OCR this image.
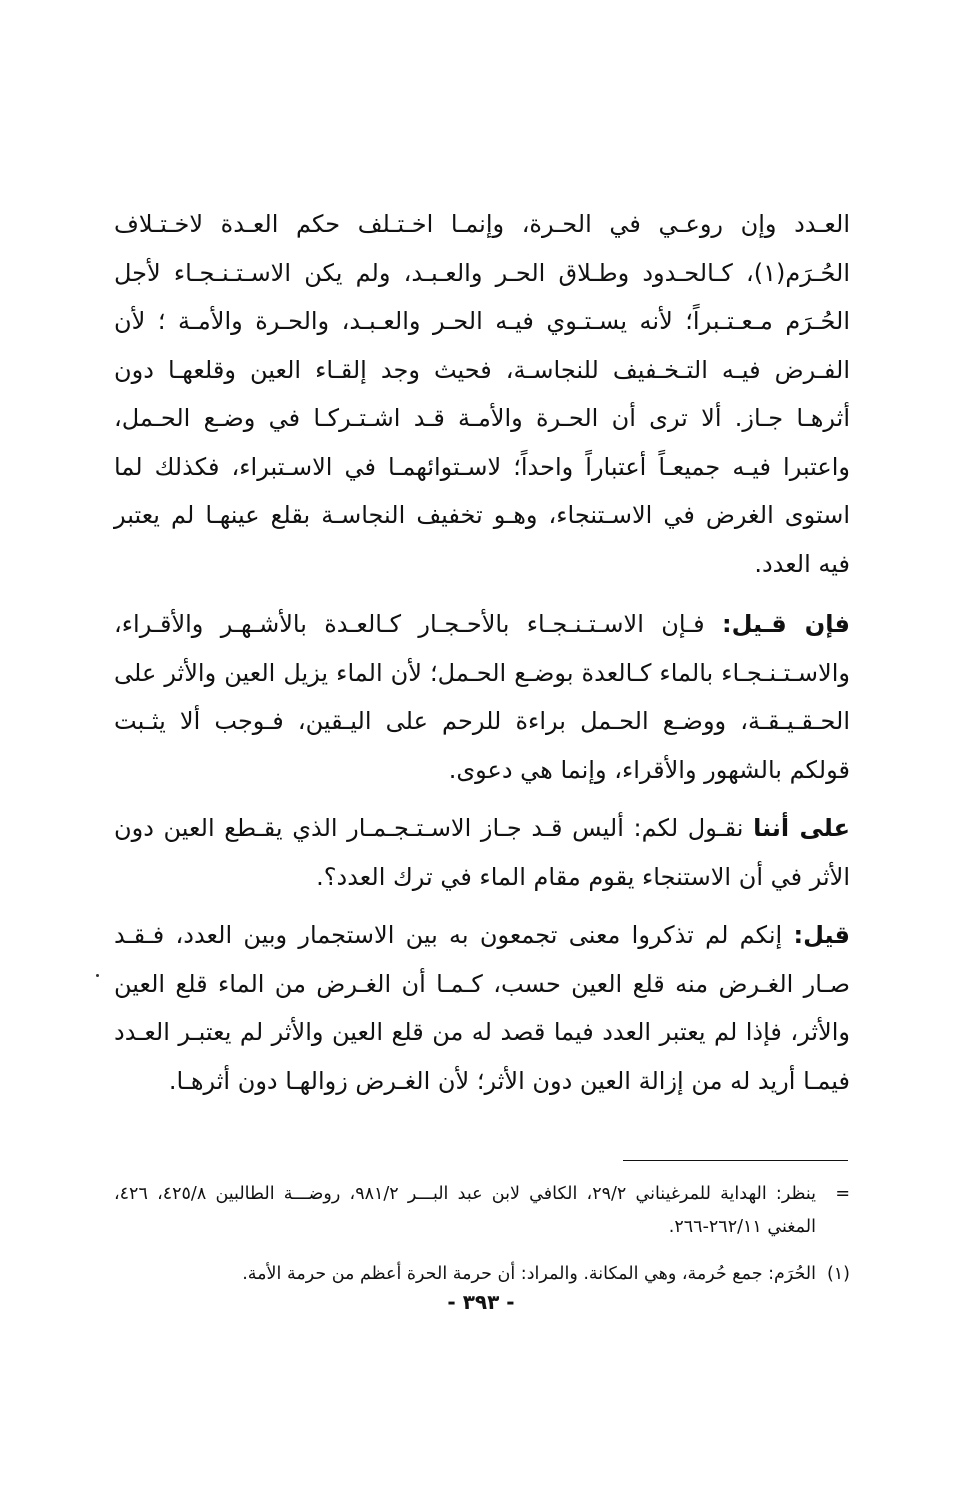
العـدد وإن روعـي في الحـرة، وإنمـا اخـتـلف حكم العـدة لاخـتـلاف الحُـرَم(١)، كـالحـدود وطـلاق الحـر والعـبـد، ولم يكن الاسـتـنـجـاء لأجل الحُـرَم مـعـتـبراً؛ لأنه يسـتـوي فيـه الحـر والعـبـد، والحـرة والأمـة ؛ لأن الفـرض فيـه التـخـفيف للنجاسـة، فحيث وجد إلقـاء العين وقلعهـا دون أثرهـا جـاز. ألا ترى أن الحـرة والأمـة قـد اشـتـركـا في وضـع الحـمل، واعتبرا فيـه جميعـاً أعتباراً واحداً؛ لاسـتوائهمـا في الاسـتبراء، فكذلك لما استوى الغرض في الاسـتنجاء، وهـو تخفيف النجاسـة بقلع عينهـا لم يعتبر فيه العدد.

فإن قـيل: فـإن الاسـتـنـجـاء بالأحـجـار كـالعـدة بالأشـهـر والأقـراء، والاسـتـنـجـاء بالماء كـالعدة بوضـع الحـمل؛ لأن الماء يزيل العين والأثر على الحـقـيـقـة، ووضـع الحـمل براءة للرحم على اليـقين، فـوجب ألا يثـبت قولكم بالشهور والأقراء، وإنما هي دعوى.

على أننا نقـول لكم: أليس قـد جـاز الاسـتـجـمـار الذي يقـطع العين دون الأثر في أن الاستنجاء يقوم مقام الماء في ترك العدد؟.

قيل: إنكم لم تذكروا معنى تجمعون به بين الاستجمار وبين العدد، فـقـد صـار الغـرض منه قلع العين حسب، كـمـا أن الغـرض من الماء قلع العين والأثر، فإذا لم يعتبر العدد فيما قصد له من قلع العين والأثر لم يعتبـر العـدد فيمـا أريد له من إزالة العين دون الأثر؛ لأن الغـرض زوالهـا دون أثرهـا.

=
ينظر: الهداية للمرغيناني ٢٩/٢، الكافي لابن عبد البـــر ٩٨١/٢، روضـــة الطالبين ٤٢٥/٨، ٤٢٦، المغني ٢٦٢/١١-٢٦٦.
(١)
الحُرَم: جمع حُرمة، وهي المكانة. والمراد: أن حرمة الحرة أعظم من حرمة الأمة.
- ٣٩٣ -
